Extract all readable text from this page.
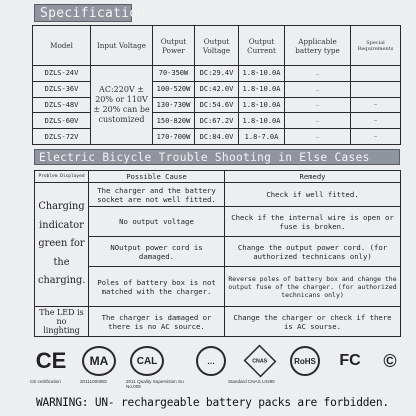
Specification:
Model	Input Voltage	Output Power	Output Voltage	Output Current	Applicable battery type	Special Requirements
DZLS-24V	AC:220V ± 20% or 110V ± 20% can be customized	70-350W	DC:29.4V	1.8-10.0A	…	
DZLS-36V		100-520W	DC:42.0V	1.8-10.0A	…	
DZLS-48V		130-730W	DC:54.6V	1.8-10.0A	…	…
DZLS-60V		150-820W	DC:67.2V	1.8-10.0A	…	…
DZLS-72V		170-700W	DC:84.0V	1.8-7.0A	…	…
Electric Bicycle Trouble Shooting in Else Cases
Problem Displayed	Possible Cause	Remedy
Charging indicator green for the charging.	The charger and the battery socket are not well fitted.	Check if well fitted.
	No output voltage	Check if the internal wire is open or fuse is broken.
	NOutput power cord is damaged.	Change the output power cord. (for authorized technicans only)
	Poles of battery box is not matched with the charger.	Reverse poles of battery box and change the output fuse of the charger. (for authorized technicans only)
The LED is no linghting	The charger is damaged or there is no AC source.	Change the charger or check if there is AC sourse.
CE
CE certification
MA
2011100008z
CAL
2011 Quality Supervision Su No.008
…	CNAS
Standard CNAS L0280
RoHS FC	©
WARNING: UN- rechargeable battery packs are forbidden.
